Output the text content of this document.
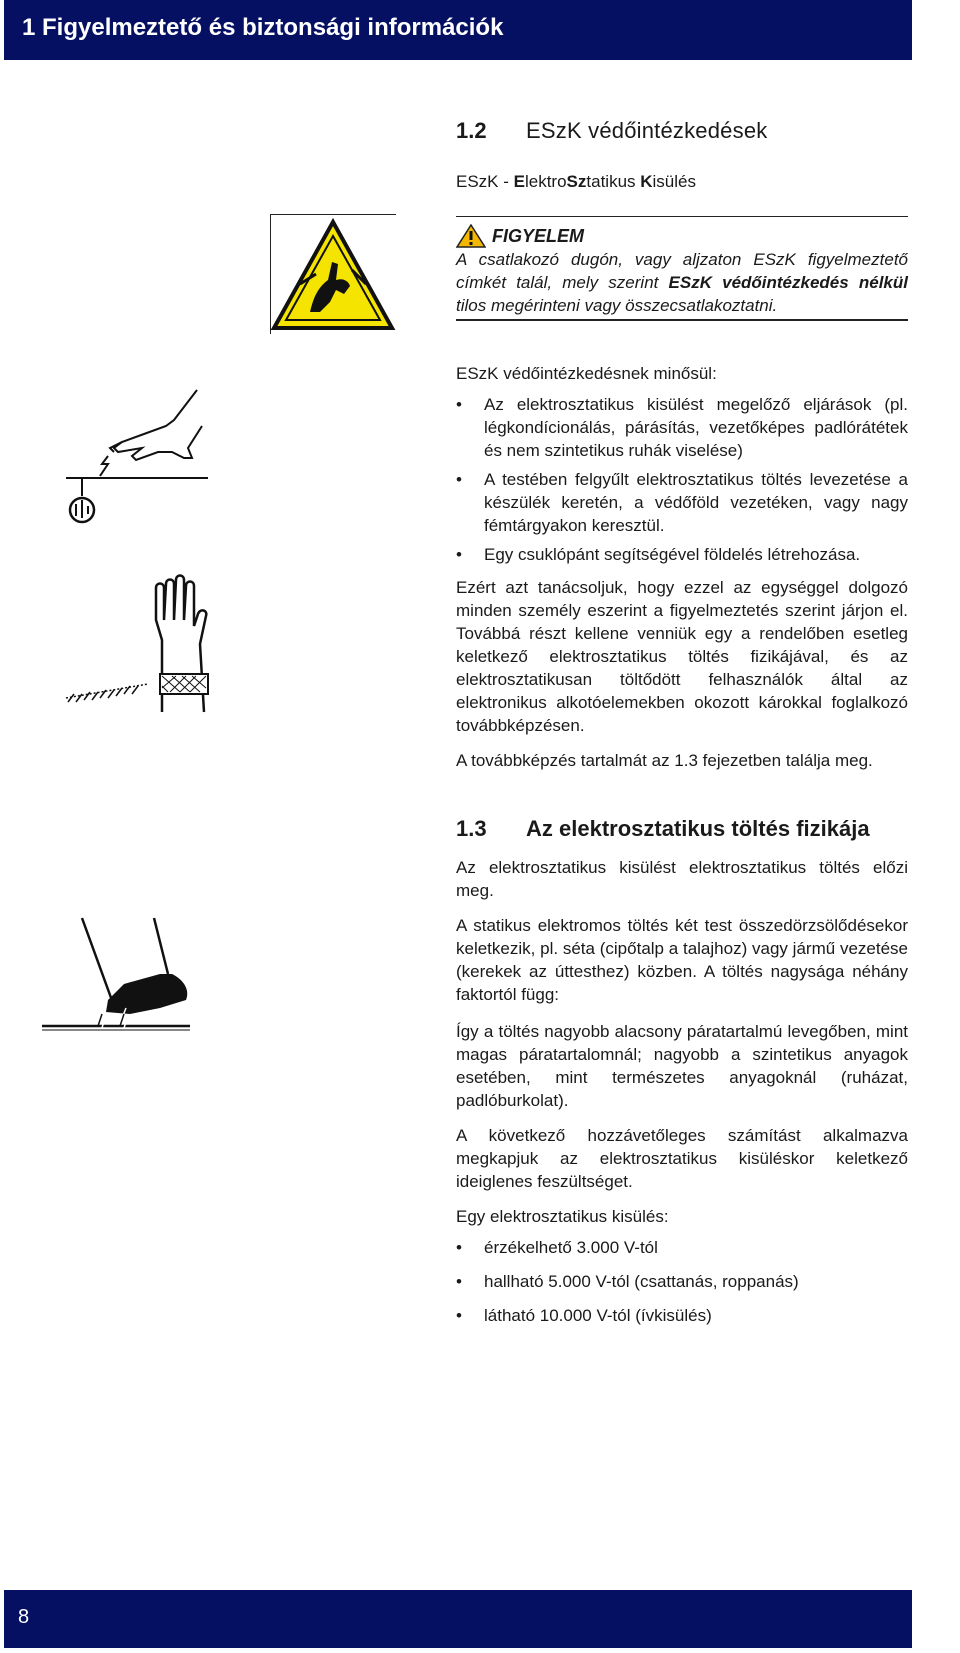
1 Figyelmeztető és biztonsági információk
1.2 ESzK védőintézkedések
ESzK - ElektroSztatikus Kisülés
FIGYELEM
A csatlakozó dugón, vagy aljzaton ESzK figyelmeztető címkét talál, mely szerint ESzK védőintézkedés nélkül tilos megérinteni vagy összecsatlakoztatni.

ESzK védőintézkedésnek minősül:

• Az elektrosztatikus kisülést megelőző eljárások (pl. légkondícionálás, párásítás, vezetőképes padlórátétek és nem szintetikus ruhák viselése)
• A testében felgyűlt elektrosztatikus töltés levezetése a készülék keretén, a védőföld vezetéken, vagy nagy fémtárgyakon keresztül.
• Egy csuklópánt segítségével földelés létrehozása.

Ezért azt tanácsoljuk, hogy ezzel az egységgel dolgozó minden személy eszerint a figyelmeztetés szerint járjon el. Továbbá részt kellene venniük egy a rendelőben esetleg keletkező elektrosztatikus töltés fizikájával, és az elektrosztatikusan töltődött felhasználók által az elektronikus alkotóelemekben okozott károkkal foglalkozó továbbképzésen.

A továbbképzés tartalmát az 1.3 fejezetben találja meg.

1.3 Az elektrosztatikus töltés fizikája

Az elektrosztatikus kisülést elektrosztatikus töltés előzi meg.

A statikus elektromos töltés két test összedörzsölődésekor keletkezik, pl. séta (cipőtalp a talajhoz) vagy jármű vezetése (kerekek az úttesthez) közben. A töltés nagysága néhány faktortól függ:

Így a töltés nagyobb alacsony páratartalmú levegőben, mint magas páratartalomnál; nagyobb a szintetikus anyagok esetében, mint természetes anyagoknál (ruházat, padlóburkolat).

A következő hozzávetőleges számítást alkalmazva megkapjuk az elektrosztatikus kisüléskor keletkező ideiglenes feszültséget.

Egy elektrosztatikus kisülés:

• érzékelhető 3.000 V-tól
• hallható 5.000 V-tól (csattanás, roppanás)
• látható 10.000 V-tól (ívkisülés)
8
